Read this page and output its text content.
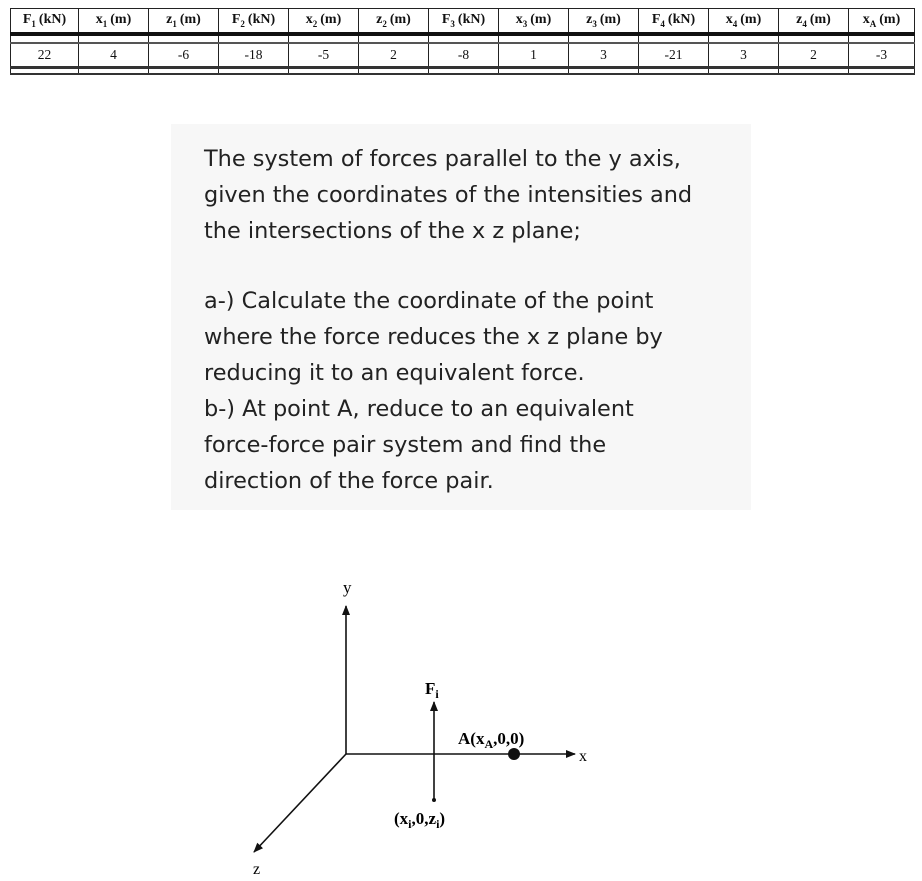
$F_1$ (kN)	$x_1$ (m)	$z_1$ (m)	$F_2$ (kN)	$x_2$ (m)	$z_2$ (m)	$F_3$ (kN)	$x_3$ (m)	$z_3$ (m)	$F_4$ (kN)	$x_4$ (m)	$z_4$ (m)	$x_A$ (m)

22	4	-6	-18	-5	2	-8	1	3	-21	3	2	-3

The system of forces parallel to the y axis,
given the coordinates of the intensities and
the intersections of the x z plane;
a-) Calculate the coordinate of the point
where the force reduces the x z plane by
reducing it to an equivalent force.
b-) At point A, reduce to an equivalent
force-force pair system and find the
direction of the force pair.
y
x
z
$F_i$
$A(x_A,0,0)$
$(x_i,0,z_i)$
